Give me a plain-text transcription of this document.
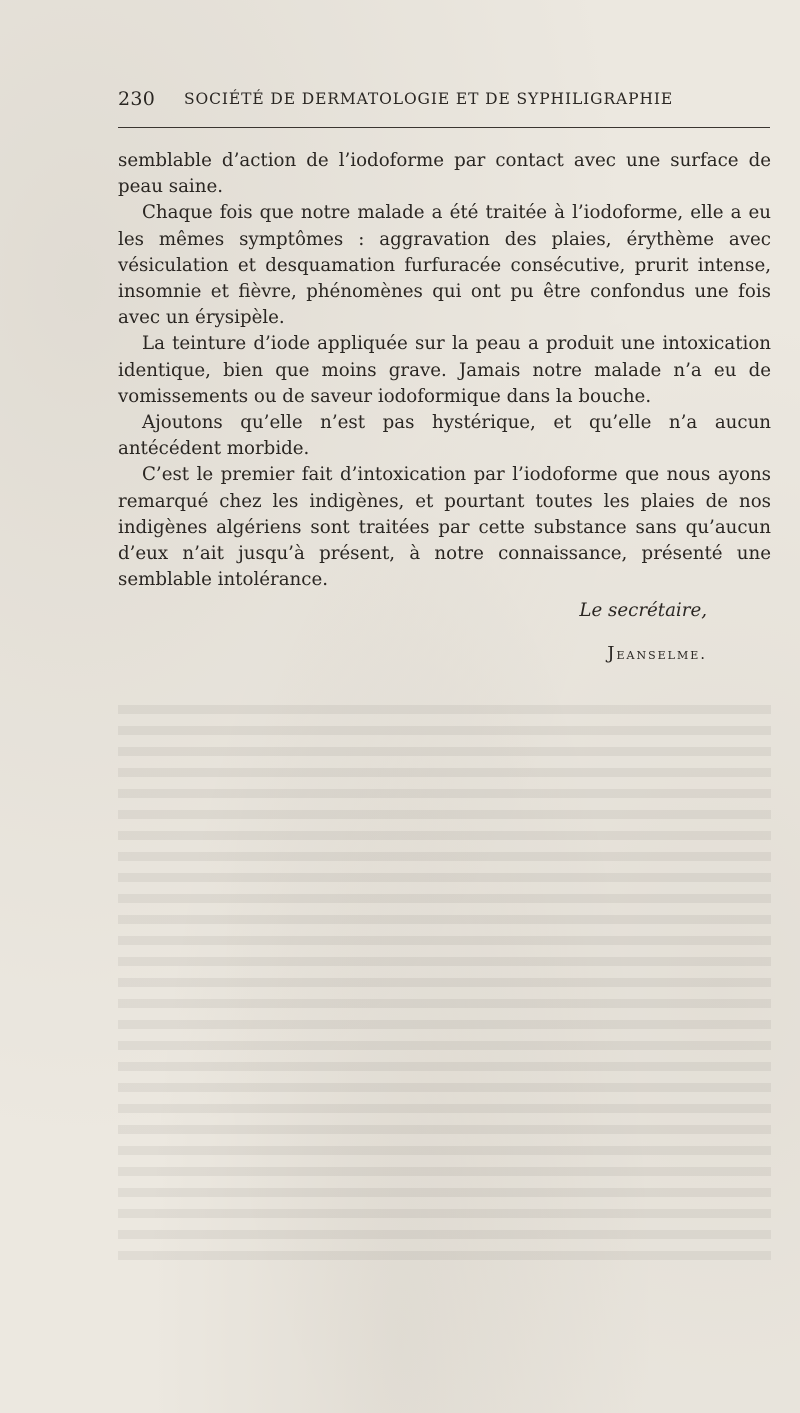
230 SOCIÉTÉ DE DERMATOLOGIE ET DE SYPHILIGRAPHIE

semblable d’action de l’iodoforme par contact avec une surface de peau saine.

Chaque fois que notre malade a été traitée à l’iodoforme, elle a eu les mêmes symptômes : aggravation des plaies, érythème avec vésiculation et desquamation furfuracée consécutive, prurit intense, insomnie et fièvre, phénomènes qui ont pu être confondus une fois avec un érysipèle.

La teinture d’iode appliquée sur la peau a produit une intoxication identique, bien que moins grave. Jamais notre malade n’a eu de vomissements ou de saveur iodoformique dans la bouche.

Ajoutons qu’elle n’est pas hystérique, et qu’elle n’a aucun antécédent morbide.

C’est le premier fait d’intoxication par l’iodoforme que nous ayons remarqué chez les indigènes, et pourtant toutes les plaies de nos indigènes algériens sont traitées par cette substance sans qu’aucun d’eux n’ait jusqu’à présent, à notre connaissance, présenté une semblable intolérance.

Le secrétaire,
Jeanselme.
